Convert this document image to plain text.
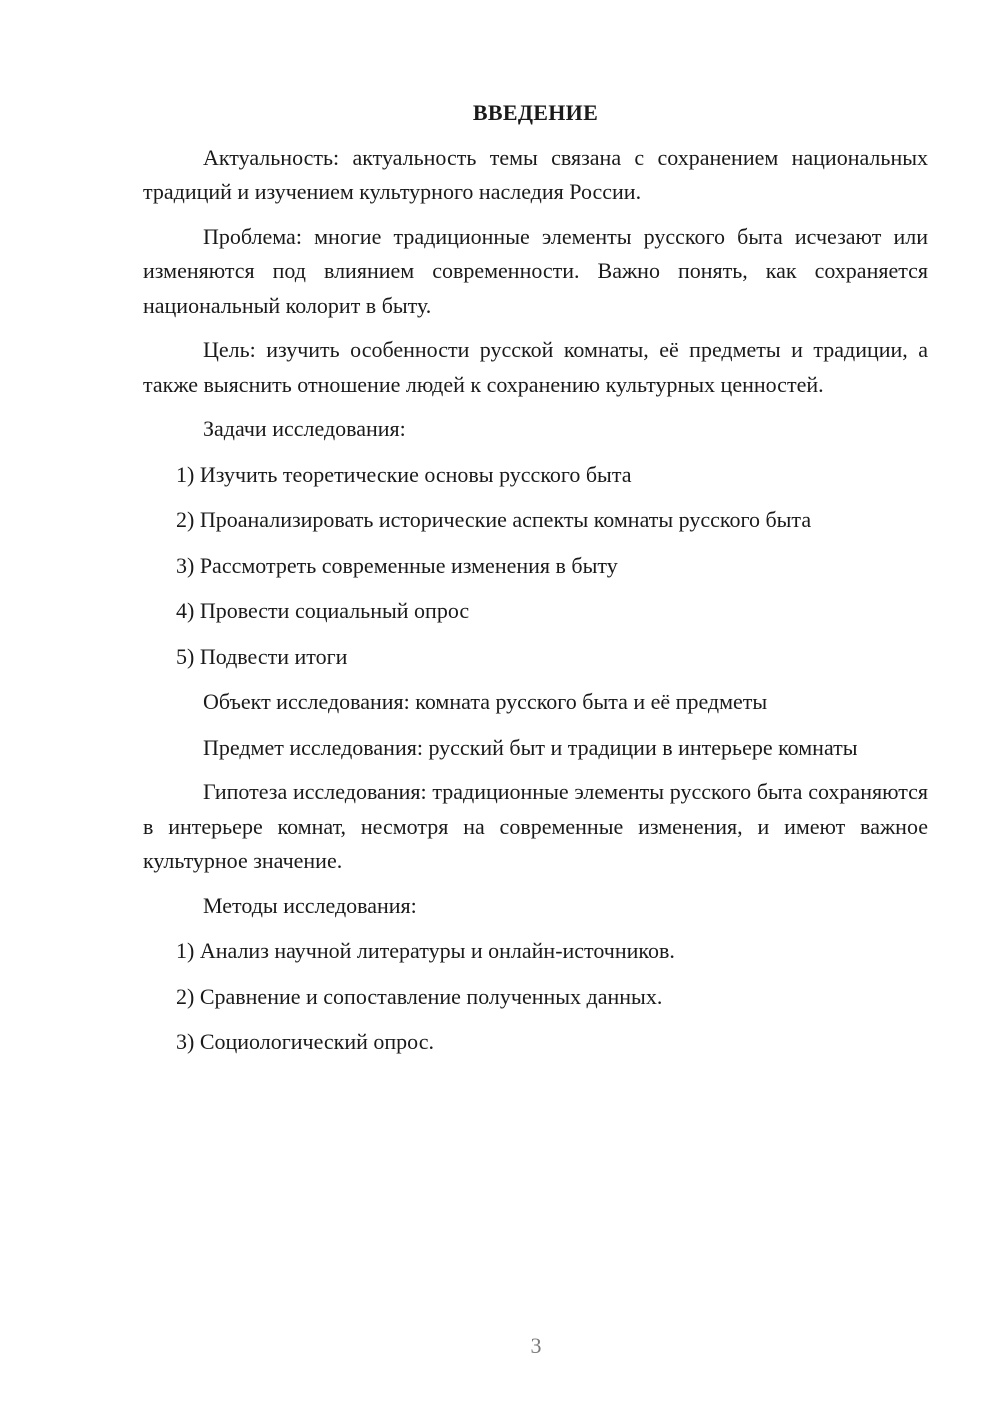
ВВЕДЕНИЕ

Актуальность: актуальность темы связана с сохранением национальных традиций и изучением культурного наследия России.

Проблема: многие традиционные элементы русского быта исчезают или изменяются под влиянием современности. Важно понять, как сохраняется национальный колорит в быту.

Цель: изучить особенности русской комнаты, её предметы и традиции, а также выяснить отношение людей к сохранению культурных ценностей.

Задачи исследования:

1) Изучить теоретические основы русского быта
2) Проанализировать исторические аспекты комнаты русского быта
3) Рассмотреть современные изменения в быту
4) Провести социальный опрос
5) Подвести итоги

Объект исследования: комната русского быта и её предметы

Предмет исследования: русский быт и традиции в интерьере комнаты

Гипотеза исследования: традиционные элементы русского быта сохраняются в интерьере комнат, несмотря на современные изменения, и имеют важное культурное значение.

Методы исследования:

1) Анализ научной литературы и онлайн-источников.
2) Сравнение и сопоставление полученных данных.
3) Социологический опрос.
3
